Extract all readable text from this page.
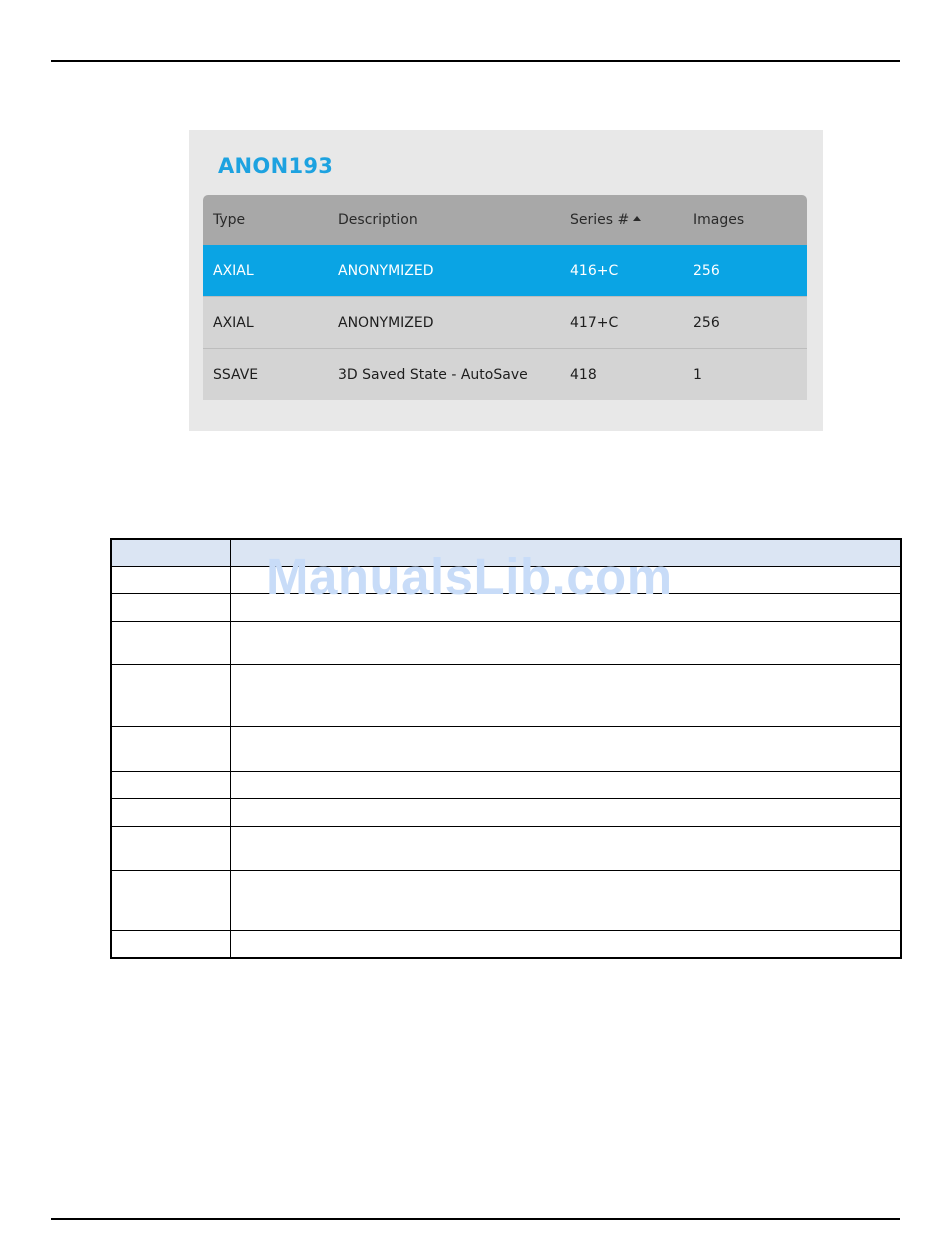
ANON193
Type	Description	Series #	Images
AXIAL	ANONYMIZED	416+C	256
AXIAL	ANONYMIZED	417+C	256
SSAVE	3D Saved State - AutoSave	418	1
ManualsLib.com
